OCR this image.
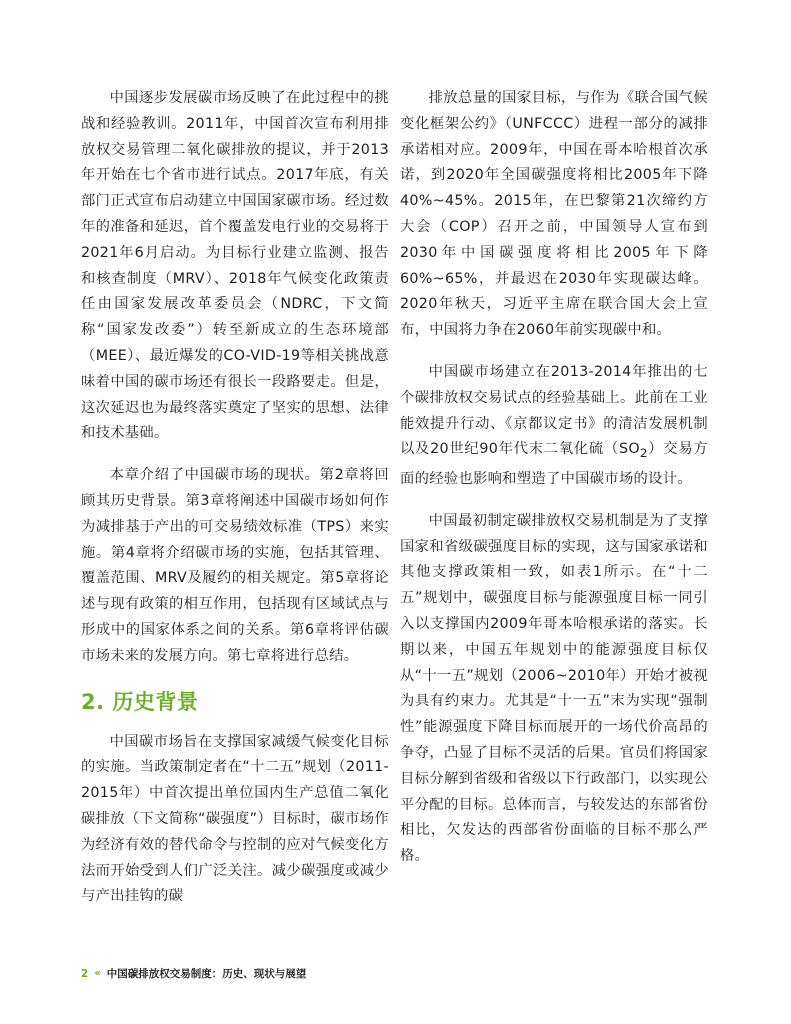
中国逐步发展碳市场反映了在此过程中的挑战和经验教训。2011年，中国首次宣布利用排放权交易管理二氧化碳排放的提议，并于2013年开始在七个省市进行试点。2017年底，有关部门正式宣布启动建立中国国家碳市场。经过数年的准备和延迟，首个覆盖发电行业的交易将于2021年6月启动。为目标行业建立监测、报告和核查制度（MRV）、2018年气候变化政策责任由国家发展改革委员会（NDRC，下文简称“国家发改委”）转至新成立的生态环境部（MEE）、最近爆发的CO-VID-19等相关挑战意味着中国的碳市场还有很长一段路要走。但是，这次延迟也为最终落实奠定了坚实的思想、法律和技术基础。

本章介绍了中国碳市场的现状。第2章将回顾其历史背景。第3章将阐述中国碳市场如何作为减排基于产出的可交易绩效标准（TPS）来实施。第4章将介绍碳市场的实施，包括其管理、覆盖范围、MRV及履约的相关规定。第5章将论述与现有政策的相互作用，包括现有区域试点与形成中的国家体系之间的关系。第6章将评估碳市场未来的发展方向。第七章将进行总结。

2. 历史背景

中国碳市场旨在支撑国家减缓气候变化目标的实施。当政策制定者在“十二五”规划（2011-2015年）中首次提出单位国内生产总值二氧化碳排放（下文简称“碳强度”）目标时，碳市场作为经济有效的替代命令与控制的应对气候变化方法而开始受到人们广泛关注。减少碳强度或减少与产出挂钩的碳

排放总量的国家目标，与作为《联合国气候变化框架公约》（UNFCCC）进程一部分的减排承诺相对应。2009年，中国在哥本哈根首次承诺，到2020年全国碳强度将相比2005年下降40%~45%。2015年，在巴黎第21次缔约方大会（COP）召开之前，中国领导人宣布到2030年中国碳强度将相比2005年下降60%~65%，并最迟在2030年实现碳达峰。2020年秋天，习近平主席在联合国大会上宣布，中国将力争在2060年前实现碳中和。

中国碳市场建立在2013-2014年推出的七个碳排放权交易试点的经验基础上。此前在工业能效提升行动、《京都议定书》的清洁发展机制以及20世纪90年代末二氧化硫$(SO_2)$交易方面的经验也影响和塑造了中国碳市场的设计。

中国最初制定碳排放权交易机制是为了支撑国家和省级碳强度目标的实现，这与国家承诺和其他支撑政策相一致，如表1所示。在“十二五”规划中，碳强度目标与能源强度目标一同引入以支撑国内2009年哥本哈根承诺的落实。长期以来，中国五年规划中的能源强度目标仅从“十一五”规划（2006~2010年）开始才被视为具有约束力。尤其是“十一五”末为实现“强制性”能源强度下降目标而展开的一场代价高昂的争夺，凸显了目标不灵活的后果。官员们将国家目标分解到省级和省级以下行政部门，以实现公平分配的目标。总体而言，与较发达的东部省份相比，欠发达的西部省份面临的目标不那么严格。

2 « 中国碳排放权交易制度：历史、现状与展望
